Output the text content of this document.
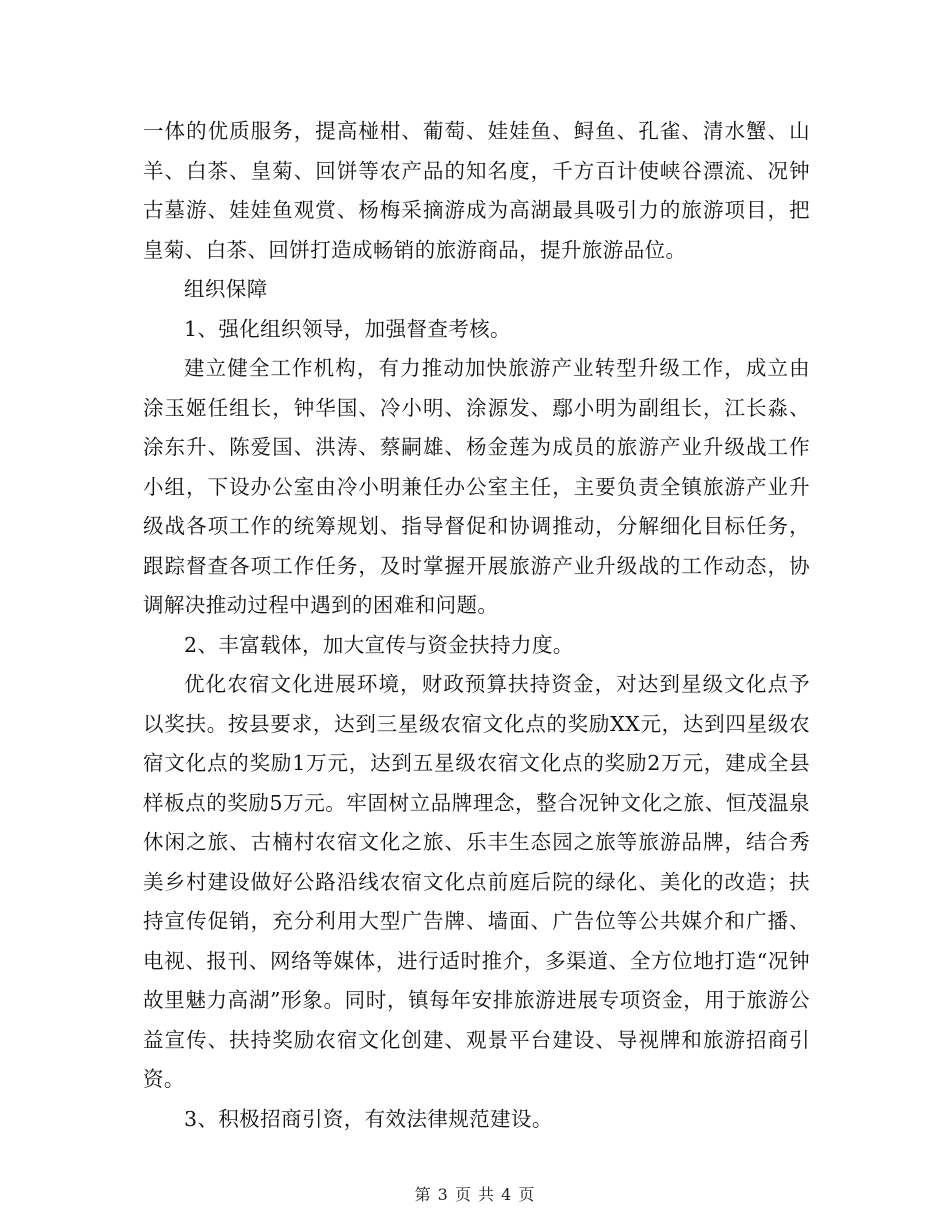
一体的优质服务，提高椪柑、葡萄、娃娃鱼、鲟鱼、孔雀、清水蟹、山羊、白茶、皇菊、回饼等农产品的知名度，千方百计使峡谷漂流、况钟古墓游、娃娃鱼观赏、杨梅采摘游成为高湖最具吸引力的旅游项目，把皇菊、白茶、回饼打造成畅销的旅游商品，提升旅游品位。

组织保障

1、强化组织领导，加强督查考核。

建立健全工作机构，有力推动加快旅游产业转型升级工作，成立由涂玉姬任组长，钟华国、冷小明、涂源发、鄢小明为副组长，江长淼、涂东升、陈爱国、洪涛、蔡嗣雄、杨金莲为成员的旅游产业升级战工作小组，下设办公室由冷小明兼任办公室主任，主要负责全镇旅游产业升级战各项工作的统筹规划、指导督促和协调推动，分解细化目标任务，跟踪督查各项工作任务，及时掌握开展旅游产业升级战的工作动态，协调解决推动过程中遇到的困难和问题。

2、丰富载体，加大宣传与资金扶持力度。

优化农宿文化进展环境，财政预算扶持资金，对达到星级文化点予以奖扶。按县要求，达到三星级农宿文化点的奖励XX元，达到四星级农宿文化点的奖励1万元，达到五星级农宿文化点的奖励2万元，建成全县样板点的奖励5万元。牢固树立品牌理念，整合况钟文化之旅、恒茂温泉休闲之旅、古楠村农宿文化之旅、乐丰生态园之旅等旅游品牌，结合秀美乡村建设做好公路沿线农宿文化点前庭后院的绿化、美化的改造；扶持宣传促销，充分利用大型广告牌、墙面、广告位等公共媒介和广播、电视、报刊、网络等媒体，进行适时推介，多渠道、全方位地打造“况钟故里魅力高湖”形象。同时，镇每年安排旅游进展专项资金，用于旅游公益宣传、扶持奖励农宿文化创建、观景平台建设、导视牌和旅游招商引资。

3、积极招商引资，有效法律规范建设。

第 3 页 共 4 页
